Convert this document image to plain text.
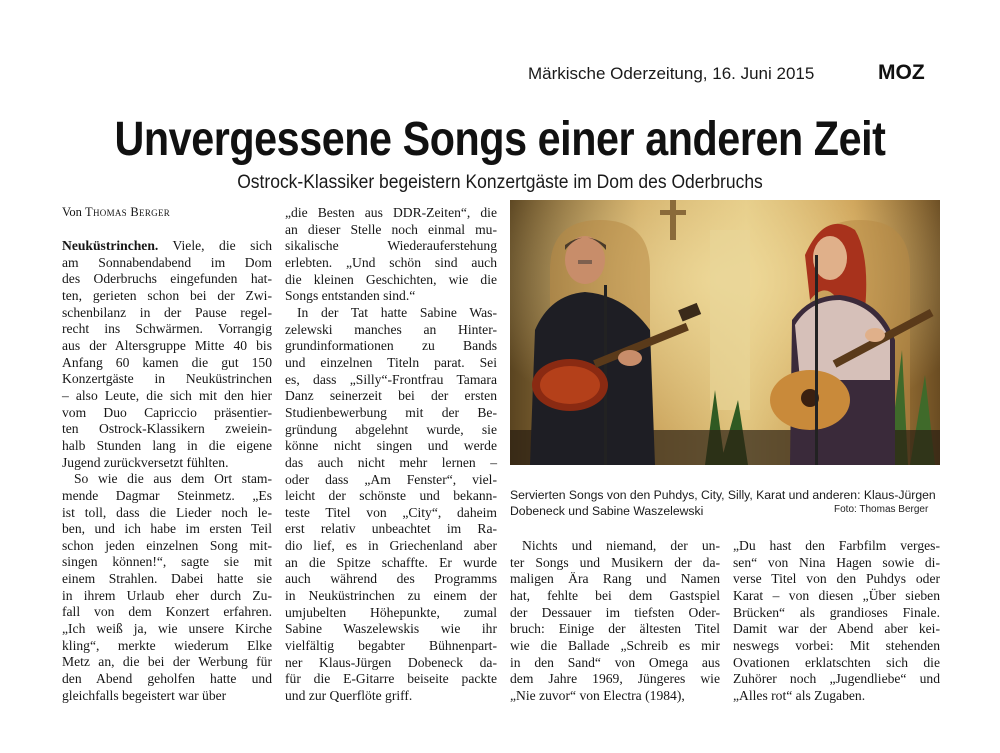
Märkische Oderzeitung, 16. Juni 2015	MOZ
Unvergessene Songs einer anderen Zeit
Ostrock-Klassiker begeistern Konzertgäste im Dom des Oderbruchs
Von Thomas Berger
Neuküstrinchen. Viele, die sich
am Sonnabendabend im Dom
des Oderbruchs eingefunden hat-
ten, gerieten schon bei der Zwi-
schenbilanz in der Pause regel-
recht ins Schwärmen. Vorrangig
aus der Altersgruppe Mitte 40 bis
Anfang 60 kamen die gut 150
Konzertgäste in Neuküstrinchen
– also Leute, die sich mit den hier
vom Duo Capriccio präsentier-
ten Ostrock-Klassikern zweiein-
halb Stunden lang in die eigene
Jugend zurückversetzt fühlten.
So wie die aus dem Ort stam-
mende Dagmar Steinmetz. „Es
ist toll, dass die Lieder noch le-
ben, und ich habe im ersten Teil
schon jeden einzelnen Song mit-
singen können!“, sagte sie mit
einem Strahlen. Dabei hatte sie
in ihrem Urlaub eher durch Zu-
fall von dem Konzert erfahren.
„Ich weiß ja, wie unsere Kirche
kling“, merkte wiederum Elke
Metz an, die bei der Werbung für
den Abend geholfen hatte und
gleichfalls begeistert war über
„die Besten aus DDR-Zeiten“, die
an dieser Stelle noch einmal mu-
sikalische Wiederauferstehung
erlebten. „Und schön sind auch
die kleinen Geschichten, wie die
Songs entstanden sind.“
In der Tat hatte Sabine Was-
zelewski manches an Hinter-
grundinformationen zu Bands
und einzelnen Titeln parat. Sei
es, dass „Silly“-Frontfrau Tamara
Danz seinerzeit bei der ersten
Studienbewerbung mit der Be-
gründung abgelehnt wurde, sie
könne nicht singen und werde
das auch nicht mehr lernen –
oder dass „Am Fenster“, viel-
leicht der schönste und bekann-
teste Titel von „City“, daheim
erst relativ unbeachtet im Ra-
dio lief, es in Griechenland aber
an die Spitze schaffte. Er wurde
auch während des Programms
in Neuküstrinchen zu einem der
umjubelten Höhepunkte, zumal
Sabine Waszelewskis wie ihr
vielfältig begabter Bühnenpart-
ner Klaus-Jürgen Dobeneck da-
für die E-Gitarre beiseite packte
und zur Querflöte griff.
Nichts und niemand, der un-
ter Songs und Musikern der da-
maligen Ära Rang und Namen
hat, fehlte bei dem Gastspiel
der Dessauer im tiefsten Oder-
bruch: Einige der ältesten Titel
wie die Ballade „Schreib es mir
in den Sand“ von Omega aus
dem Jahre 1969, Jüngeres wie
„Nie zuvor“ von Electra (1984),
„Du hast den Farbfilm verges-
sen“ von Nina Hagen sowie di-
verse Titel von den Puhdys oder
Karat – von diesen „Über sieben
Brücken“ als grandioses Finale.
Damit war der Abend aber kei-
neswegs vorbei: Mit stehenden
Ovationen erklatschten sich die
Zuhörer noch „Jugendliebe“ und
„Alles rot“ als Zugaben.
Servierten Songs von den Puhdys, City, Silly, Karat und anderen: Klaus-Jürgen Dobeneck und Sabine Waszelewski	Foto: Thomas Berger
